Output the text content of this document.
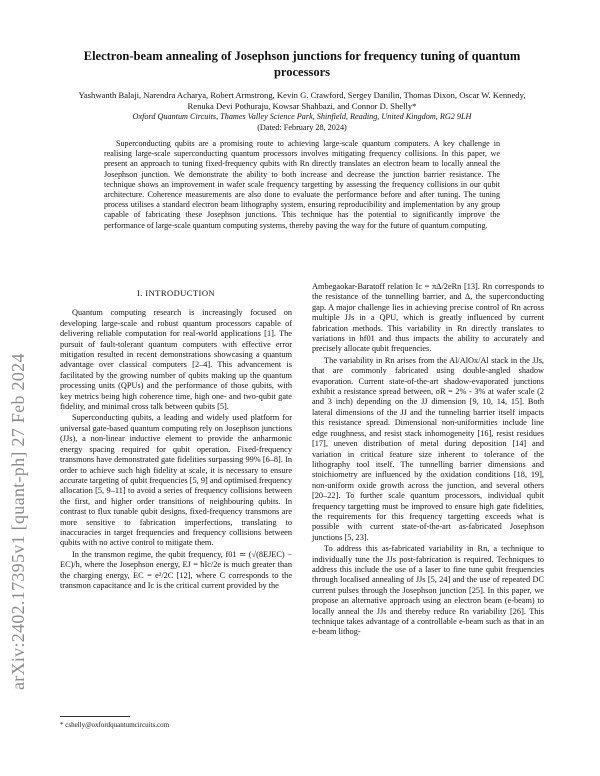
arXiv:2402.17395v1 [quant-ph] 27 Feb 2024
Electron-beam annealing of Josephson junctions for frequency tuning of quantum processors
Yashwanth Balaji, Narendra Acharya, Robert Armstrong, Kevin G. Crawford, Sergey Danilin, Thomas Dixon, Oscar W. Kennedy, Renuka Devi Pothuraju, Kowsar Shahbazi, and Connor D. Shelly*
Oxford Quantum Circuits, Thames Valley Science Park, Shinfield, Reading, United Kingdom, RG2 9LH
(Dated: February 28, 2024)
Superconducting qubits are a promising route to achieving large-scale quantum computers. A key challenge in realising large-scale superconducting quantum processors involves mitigating frequency collisions. In this paper, we present an approach to tuning fixed-frequency qubits with Rn directly translates an electron beam to locally anneal the Josephson junction. We demonstrate the ability to both increase and decrease the junction barrier resistance. The technique shows an improvement in wafer scale frequency targetting by assessing the frequency collisions in our qubit architecture. Coherence measurements are also done to evaluate the performance before and after tuning. The tuning process utilises a standard electron beam lithography system, ensuring reproducibility and implementation by any group capable of fabricating these Josephson junctions. This technique has the potential to significantly improve the performance of large-scale quantum computing systems, thereby paving the way for the future of quantum computing.
I. INTRODUCTION

Quantum computing research is increasingly focused on developing large-scale and robust quantum processors capable of delivering reliable computation for real-world applications [1]. The pursuit of fault-tolerant quantum computers with effective error mitigation resulted in recent demonstrations showcasing a quantum advantage over classical computers [2–4]. This advancement is facilitated by the growing number of qubits making up the quantum processing units (QPUs) and the performance of those qubits, with key metrics being high coherence time, high one- and two-qubit gate fidelity, and minimal cross talk between qubits [5].

Superconducting qubits, a leading and widely used platform for universal gate-based quantum computing rely on Josephson junctions (JJs), a non-linear inductive element to provide the anharmonic energy spacing required for qubit operation. Fixed-frequency transmons have demonstrated gate fidelities surpassing 99% [6–8]. In order to achieve such high fidelity at scale, it is necessary to ensure accurate targeting of qubit frequencies [5, 9] and optimised frequency allocation [5, 9–11] to avoid a series of frequency collisions between the first, and higher order transitions of neighbouring qubits. In contrast to flux tunable qubit designs, fixed-frequency transmons are more sensitive to fabrication imperfections, translating to inaccuracies in target frequencies and frequency collisions between qubits with no active control to mitigate them.

In the transmon regime, the qubit frequency, f01 ≃ (√(8EJEC) − EC)/h, where the Josephson energy, EJ = ħIc/2e is much greater than the charging energy, EC = e²/2C [12], where C corresponds to the transmon capacitance and Ic is the critical current provided by the

Ambegaokar-Baratoff relation Ic = πΔ/2eRn [13]. Rn corresponds to the resistance of the tunnelling barrier, and Δ, the superconducting gap. A major challenge lies in achieving precise control of Rn across multiple JJs in a QPU, which is greatly influenced by current fabrication methods. This variability in Rn directly translates to variations in hf01 and thus impacts the ability to accurately and precisely allocate qubit frequencies.

The variability in Rn arises from the Al/AlOx/Al stack in the JJs, that are commonly fabricated using double-angled shadow evaporation. Current state-of-the-art shadow-evaporated junctions exhibit a resistance spread between, σR = 2% - 3% at wafer scale (2 and 3 inch) depending on the JJ dimension [9, 10, 14, 15]. Both lateral dimensions of the JJ and the tunneling barrier itself impacts this resistance spread. Dimensional non-uniformities include line edge roughness, and resist stack inhomogeneity [16], resist residues [17], uneven distribution of metal during deposition [14] and variation in critical feature size inherent to tolerance of the lithography tool itself. The tunnelling barrier dimensions and stoichiometry are influenced by the oxidation conditions [18, 19], non-uniform oxide growth across the junction, and several others [20–22]. To further scale quantum processors, individual qubit frequency targetting must be improved to ensure high gate fidelities, the requirements for this frequency targetting exceeds what is possible with current state-of-the-art as-fabricated Josephson junctions [5, 23].

To address this as-fabricated variability in Rn, a technique to individually tune the JJs post-fabrication is required. Techniques to address this include the use of a laser to fine tune qubit frequencies through localised annealing of JJs [5, 24] and the use of repeated DC current pulses through the Josephson junction [25]. In this paper, we propose an alternative approach using an electron beam (e-beam) to locally anneal the JJs and thereby reduce Rn variability [26]. This technique takes advantage of a controllable e-beam such as that in an e-beam lithog-

* cshelly@oxfordquantumcircuits.com
